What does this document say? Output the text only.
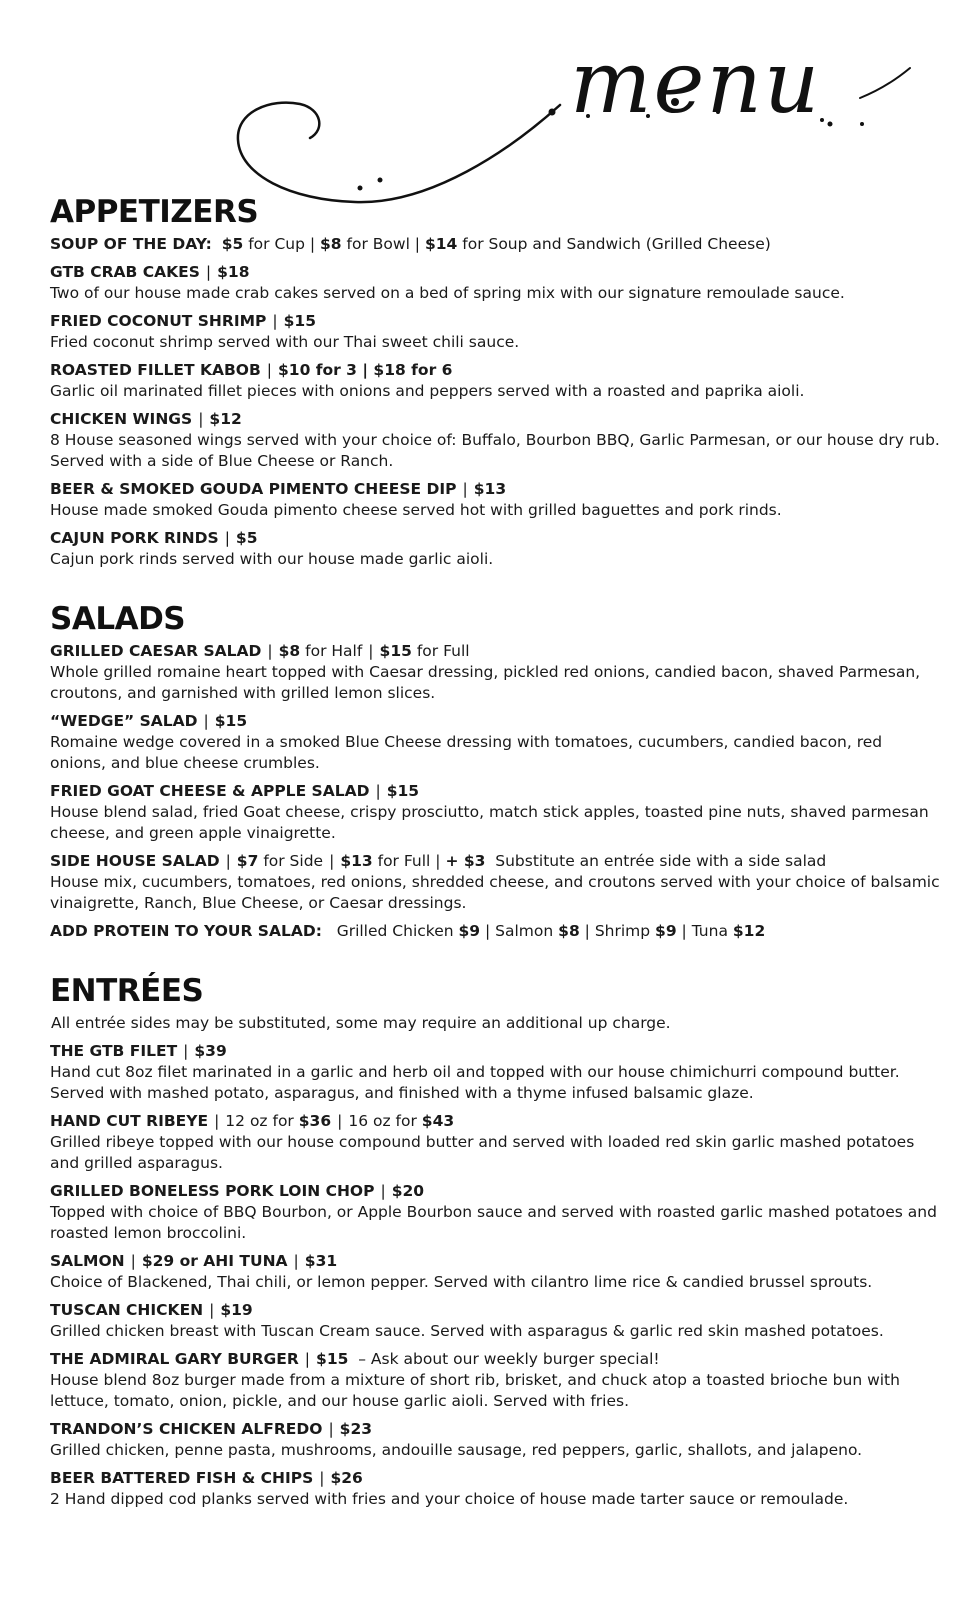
menu
APPETIZERS
SOUP OF THE DAY: $5 for Cup | $8 for Bowl | $14 for Soup and Sandwich (Grilled Cheese)
GTB CRAB CAKES | $18
Two of our house made crab cakes served on a bed of spring mix with our signature remoulade sauce.
FRIED COCONUT SHRIMP | $15
Fried coconut shrimp served with our Thai sweet chili sauce.
ROASTED FILLET KABOB | $10 for 3 | $18 for 6
Garlic oil marinated fillet pieces with onions and peppers served with a roasted and paprika aioli.
CHICKEN WINGS | $12
8 House seasoned wings served with your choice of: Buffalo, Bourbon BBQ, Garlic Parmesan, or our house dry rub. Served with a side of Blue Cheese or Ranch.
BEER & SMOKED GOUDA PIMENTO CHEESE DIP | $13
House made smoked Gouda pimento cheese served hot with grilled baguettes and pork rinds.
CAJUN PORK RINDS | $5
Cajun pork rinds served with our house made garlic aioli.
SALADS
GRILLED CAESAR SALAD | $8 for Half | $15 for Full
Whole grilled romaine heart topped with Caesar dressing, pickled red onions, candied bacon, shaved Parmesan, croutons, and garnished with grilled lemon slices.
“WEDGE” SALAD | $15
Romaine wedge covered in a smoked Blue Cheese dressing with tomatoes, cucumbers, candied bacon, red onions, and blue cheese crumbles.
FRIED GOAT CHEESE & APPLE SALAD | $15
House blend salad, fried Goat cheese, crispy prosciutto, match stick apples, toasted pine nuts, shaved parmesan cheese, and green apple vinaigrette.
SIDE HOUSE SALAD | $7 for Side | $13 for Full | + $3 Substitute an entrée side with a side salad
House mix, cucumbers, tomatoes, red onions, shredded cheese, and croutons served with your choice of balsamic vinaigrette, Ranch, Blue Cheese, or Caesar dressings.
ADD PROTEIN TO YOUR SALAD: Grilled Chicken $9 | Salmon $8 | Shrimp $9 | Tuna $12
ENTRÉES
All entrée sides may be substituted, some may require an additional up charge.
THE GTB FILET | $39
Hand cut 8oz filet marinated in a garlic and herb oil and topped with our house chimichurri compound butter. Served with mashed potato, asparagus, and finished with a thyme infused balsamic glaze.
HAND CUT RIBEYE | 12 oz for $36 | 16 oz for $43
Grilled ribeye topped with our house compound butter and served with loaded red skin garlic mashed potatoes and grilled asparagus.
GRILLED BONELESS PORK LOIN CHOP | $20
Topped with choice of BBQ Bourbon, or Apple Bourbon sauce and served with roasted garlic mashed potatoes and roasted lemon broccolini.
SALMON | $29 or AHI TUNA | $31
Choice of Blackened, Thai chili, or lemon pepper. Served with cilantro lime rice & candied brussel sprouts.
TUSCAN CHICKEN | $19
Grilled chicken breast with Tuscan Cream sauce. Served with asparagus & garlic red skin mashed potatoes.
THE ADMIRAL GARY BURGER | $15 – Ask about our weekly burger special!
House blend 8oz burger made from a mixture of short rib, brisket, and chuck atop a toasted brioche bun with lettuce, tomato, onion, pickle, and our house garlic aioli. Served with fries.
TRANDON’S CHICKEN ALFREDO | $23
Grilled chicken, penne pasta, mushrooms, andouille sausage, red peppers, garlic, shallots, and jalapeno.
BEER BATTERED FISH & CHIPS | $26
2 Hand dipped cod planks served with fries and your choice of house made tarter sauce or remoulade.
